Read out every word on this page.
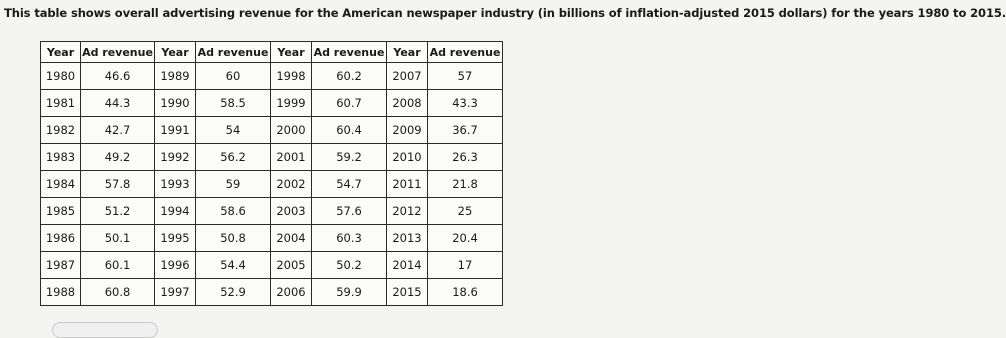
This table shows overall advertising revenue for the American newspaper industry (in billions of inflation-adjusted 2015 dollars) for the years 1980 to 2015.
Year	Ad revenue	Year	Ad revenue	Year	Ad revenue	Year	Ad revenue
1980	46.6	1989	60	1998	60.2	2007	57
1981	44.3	1990	58.5	1999	60.7	2008	43.3
1982	42.7	1991	54	2000	60.4	2009	36.7
1983	49.2	1992	56.2	2001	59.2	2010	26.3
1984	57.8	1993	59	2002	54.7	2011	21.8
1985	51.2	1994	58.6	2003	57.6	2012	25
1986	50.1	1995	50.8	2004	60.3	2013	20.4
1987	60.1	1996	54.4	2005	50.2	2014	17
1988	60.8	1997	52.9	2006	59.9	2015	18.6
